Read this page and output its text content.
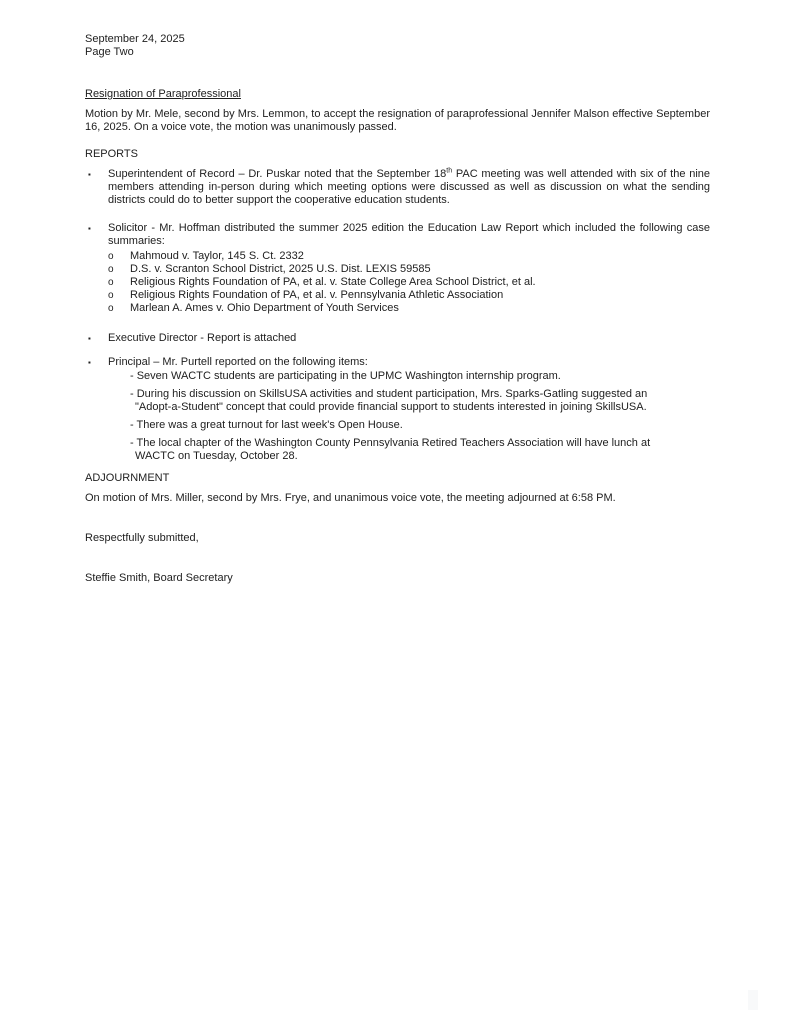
September 24, 2025
Page Two
Resignation of Paraprofessional
Motion by Mr. Mele, second by Mrs. Lemmon, to accept the resignation of paraprofessional Jennifer Malson effective September 16, 2025. On a voice vote, the motion was unanimously passed.
REPORTS
▪ Superintendent of Record – Dr. Puskar noted that the September 18th PAC meeting was well attended with six of the nine members attending in-person during which meeting options were discussed as well as discussion on what the sending districts could do to better support the cooperative education students.
▪ Solicitor - Mr. Hoffman distributed the summer 2025 edition the Education Law Report which included the following case summaries:
o Mahmoud v. Taylor, 145 S. Ct. 2332
o D.S. v. Scranton School District, 2025 U.S. Dist. LEXIS 59585
o Religious Rights Foundation of PA, et al. v. State College Area School District, et al.
o Religious Rights Foundation of PA, et al. v. Pennsylvania Athletic Association
o Marlean A. Ames v. Ohio Department of Youth Services
▪ Executive Director - Report is attached
▪ Principal – Mr. Purtell reported on the following items:
- Seven WACTC students are participating in the UPMC Washington internship program.
- During his discussion on SkillsUSA activities and student participation, Mrs. Sparks-Gatling suggested an
"Adopt-a-Student" concept that could provide financial support to students interested in joining SkillsUSA.
- There was a great turnout for last week's Open House.
- The local chapter of the Washington County Pennsylvania Retired Teachers Association will have lunch at
WACTC on Tuesday, October 28.
ADJOURNMENT
On motion of Mrs. Miller, second by Mrs. Frye, and unanimous voice vote, the meeting adjourned at 6:58 PM.
Respectfully submitted,
Steffie Smith, Board Secretary
